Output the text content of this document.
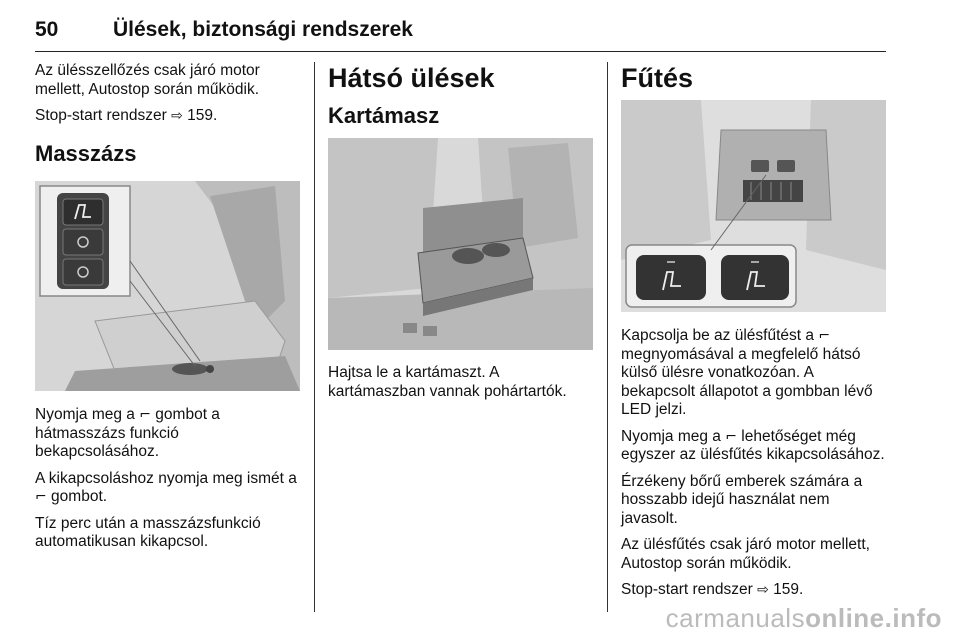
50	Ülések, biztonsági rendszerek

Az ülésszellőzés csak járó motor mellett, Autostop során működik.

Stop-start rendszer ⇨ 159.

Masszázs

Nyomja meg a ⌐ gombot a hátmasszázs funkció bekapcsolásához.

A kikapcsoláshoz nyomja meg ismét a ⌐ gombot.

Tíz perc után a masszázsfunkció automatikusan kikapcsol.

Hátsó ülések
Kartámasz

Hajtsa le a kartámaszt. A kartámaszban vannak pohártartók.

Fűtés

Kapcsolja be az ülésfűtést a ⌐ megnyomásával a megfelelő hátsó külső ülésre vonatkozóan. A bekapcsolt állapotot a gombban lévő LED jelzi.

Nyomja meg a ⌐ lehetőséget még egyszer az ülésfűtés kikapcsolásához.

Érzékeny bőrű emberek számára a hosszabb idejű használat nem javasolt.

Az ülésfűtés csak járó motor mellett, Autostop során működik.

Stop-start rendszer ⇨ 159.

carmanualsonline.info
